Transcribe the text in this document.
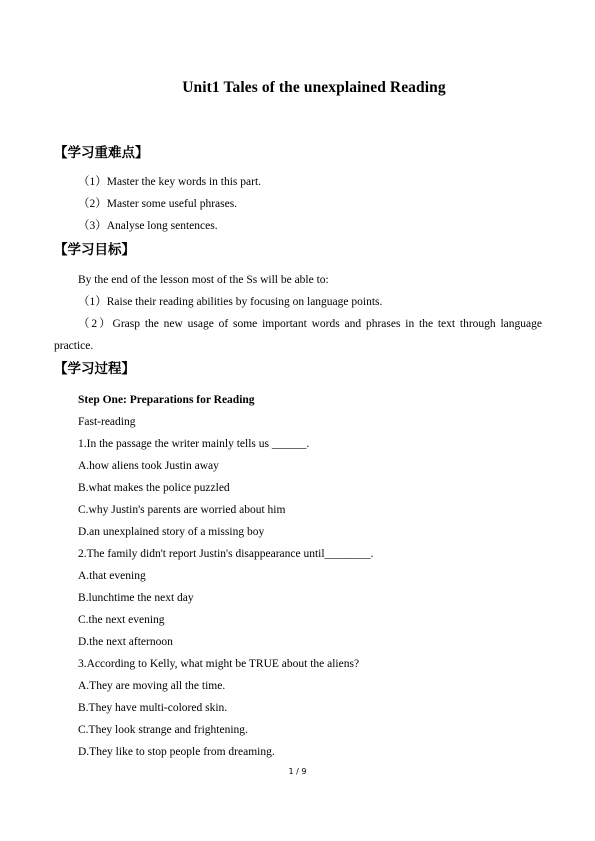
Unit1 Tales of the unexplained Reading
【学习重难点】
（1）Master the key words in this part.
（2）Master some useful phrases.
（3）Analyse long sentences.
【学习目标】
By the end of the lesson most of the Ss will be able to:
（1）Raise their reading abilities by focusing on language points.
（2）Grasp the new usage of some important words and phrases in the text through language
practice.
【学习过程】
Step One: Preparations for Reading
Fast-reading
1.In the passage the writer mainly tells us ______.
A.how aliens took Justin away
B.what makes the police puzzled
C.why Justin's parents are worried about him
D.an unexplained story of a missing boy
2.The family didn't report Justin's disappearance until________.
A.that evening
B.lunchtime the next day
C.the next evening
D.the next afternoon
3.According to Kelly, what might be TRUE about the aliens?
A.They are moving all the time.
B.They have multi-colored skin.
C.They look strange and frightening.
D.They like to stop people from dreaming.
1 / 9
